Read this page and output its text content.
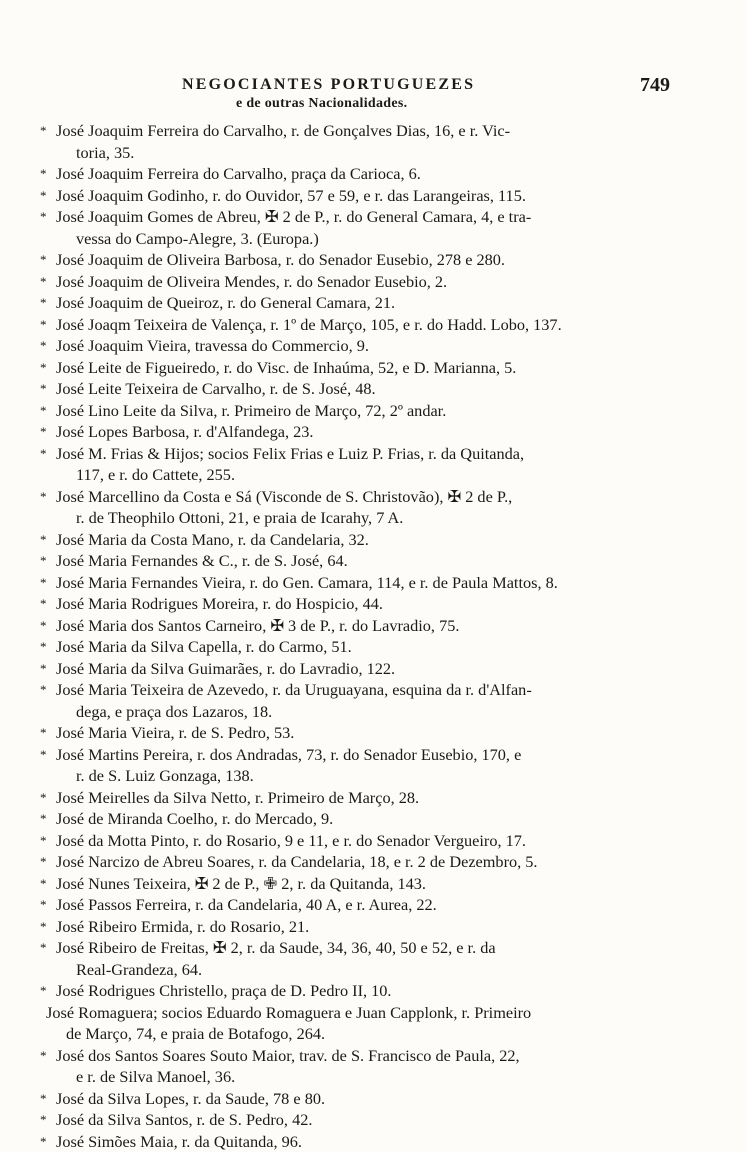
NEGOCIANTES PORTUGUEZES	749
e de outras Nacionalidades.
* José Joaquim Ferreira do Carvalho, r. de Gonçalves Dias, 16, e r. Vic-
toria, 35.
* José Joaquim Ferreira do Carvalho, praça da Carioca, 6.
* José Joaquim Godinho, r. do Ouvidor, 57 e 59, e r. das Larangeiras, 115.
* José Joaquim Gomes de Abreu, ✠ 2 de P., r. do General Camara, 4, e tra-
vessa do Campo-Alegre, 3. (Europa.)
* José Joaquim de Oliveira Barbosa, r. do Senador Eusebio, 278 e 280.
* José Joaquim de Oliveira Mendes, r. do Senador Eusebio, 2.
* José Joaquim de Queiroz, r. do General Camara, 21.
* José Joaqm Teixeira de Valença, r. 1º de Março, 105, e r. do Hadd. Lobo, 137.
* José Joaquim Vieira, travessa do Commercio, 9.
* José Leite de Figueiredo, r. do Visc. de Inhaúma, 52, e D. Marianna, 5.
* José Leite Teixeira de Carvalho, r. de S. José, 48.
* José Lino Leite da Silva, r. Primeiro de Março, 72, 2º andar.
* José Lopes Barbosa, r. d'Alfandega, 23.
* José M. Frias & Hijos; socios Felix Frias e Luiz P. Frias, r. da Quitanda,
117, e r. do Cattete, 255.
* José Marcellino da Costa e Sá (Visconde de S. Christovão), ✠ 2 de P.,
r. de Theophilo Ottoni, 21, e praia de Icarahy, 7 A.
* José Maria da Costa Mano, r. da Candelaria, 32.
* José Maria Fernandes & C., r. de S. José, 64.
* José Maria Fernandes Vieira, r. do Gen. Camara, 114, e r. de Paula Mattos, 8.
* José Maria Rodrigues Moreira, r. do Hospicio, 44.
* José Maria dos Santos Carneiro, ✠ 3 de P., r. do Lavradio, 75.
* José Maria da Silva Capella, r. do Carmo, 51.
* José Maria da Silva Guimarães, r. do Lavradio, 122.
* José Maria Teixeira de Azevedo, r. da Uruguayana, esquina da r. d'Alfan-
dega, e praça dos Lazaros, 18.
* José Maria Vieira, r. de S. Pedro, 53.
* José Martins Pereira, r. dos Andradas, 73, r. do Senador Eusebio, 170, e
r. de S. Luiz Gonzaga, 138.
* José Meirelles da Silva Netto, r. Primeiro de Março, 28.
* José de Miranda Coelho, r. do Mercado, 9.
* José da Motta Pinto, r. do Rosario, 9 e 11, e r. do Senador Vergueiro, 17.
* José Narcizo de Abreu Soares, r. da Candelaria, 18, e r. 2 de Dezembro, 5.
* José Nunes Teixeira, ✠ 2 de P., ✙ 2, r. da Quitanda, 143.
* José Passos Ferreira, r. da Candelaria, 40 A, e r. Aurea, 22.
* José Ribeiro Ermida, r. do Rosario, 21.
* José Ribeiro de Freitas, ✠ 2, r. da Saude, 34, 36, 40, 50 e 52, e r. da
Real-Grandeza, 64.
* José Rodrigues Christello, praça de D. Pedro II, 10.
José Romaguera; socios Eduardo Romaguera e Juan Capplonk, r. Primeiro
de Março, 74, e praia de Botafogo, 264.
* José dos Santos Soares Souto Maior, trav. de S. Francisco de Paula, 22,
e r. de Silva Manoel, 36.
* José da Silva Lopes, r. da Saude, 78 e 80.
* José da Silva Santos, r. de S. Pedro, 42.
* José Simões Maia, r. da Quitanda, 96.
